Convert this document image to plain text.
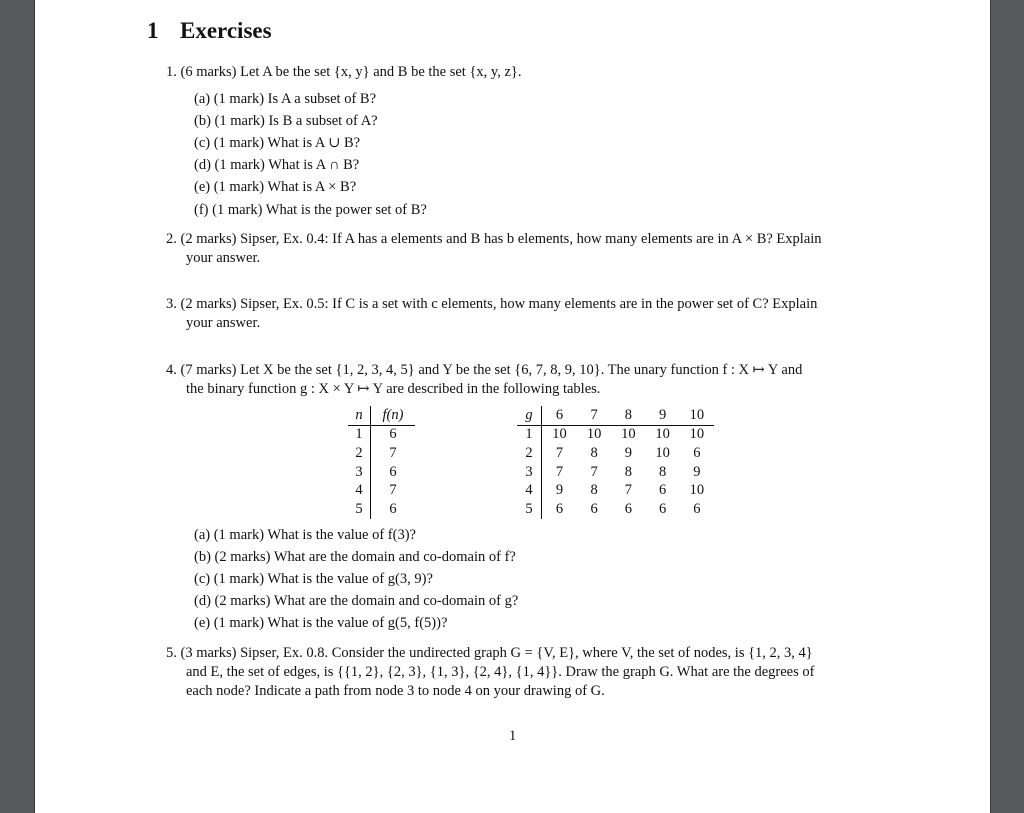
1 Exercises
1. (6 marks) Let A be the set {x, y} and B be the set {x, y, z}.
(a) (1 mark) Is A a subset of B?
(b) (1 mark) Is B a subset of A?
(c) (1 mark) What is A ∪ B?
(d) (1 mark) What is A ∩ B?
(e) (1 mark) What is A × B?
(f) (1 mark) What is the power set of B?
2. (2 marks) Sipser, Ex. 0.4: If A has a elements and B has b elements, how many elements are in A × B? Explain
your answer.
3. (2 marks) Sipser, Ex. 0.5: If C is a set with c elements, how many elements are in the power set of C? Explain
your answer.
4. (7 marks) Let X be the set {1, 2, 3, 4, 5} and Y be the set {6, 7, 8, 9, 10}. The unary function f : X ↦ Y and
the binary function g : X × Y ↦ Y are described in the following tables.
n	f(n)
1	6
2	7
3	6
4	7
5	6
g	6	7	8	9	10
1	10	10	10	10	10
2	7	8	9	10	6
3	7	7	8	8	9
4	9	8	7	6	10
5	6	6	6	6	6
(a) (1 mark) What is the value of f(3)?
(b) (2 marks) What are the domain and co-domain of f?
(c) (1 mark) What is the value of g(3, 9)?
(d) (2 marks) What are the domain and co-domain of g?
(e) (1 mark) What is the value of g(5, f(5))?
5. (3 marks) Sipser, Ex. 0.8. Consider the undirected graph G = {V, E}, where V, the set of nodes, is {1, 2, 3, 4}
and E, the set of edges, is {{1, 2}, {2, 3}, {1, 3}, {2, 4}, {1, 4}}. Draw the graph G. What are the degrees of
each node? Indicate a path from node 3 to node 4 on your drawing of G.
1
